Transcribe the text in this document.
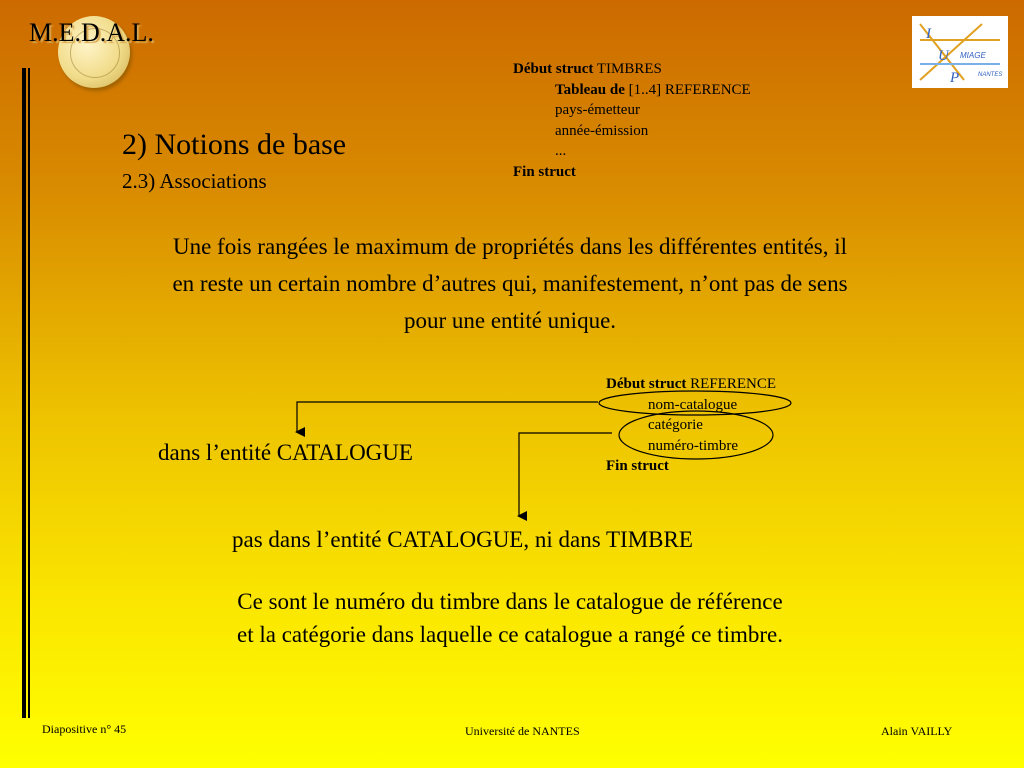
M.E.D.A.L.	I
U
P
MIAGE
NANTES
2) Notions de base
2.3) Associations
Début struct TIMBRES
Tableau de [1..4] REFERENCE
pays-émetteur
année-émission
...
Fin struct
Une fois rangées le maximum de propriétés dans les différentes entités, il en reste un certain nombre d’autres qui, manifestement, n’ont pas de sens pour une entité unique.
Début struct REFERENCE
nom-catalogue
catégorie
numéro-timbre
Fin struct
dans l’entité CATALOGUE
pas dans l’entité CATALOGUE, ni dans TIMBRE
Ce sont le numéro du timbre dans le catalogue de référence
et la catégorie dans laquelle ce catalogue a rangé ce timbre.
Diapositive n° 45	Université de NANTES	Alain VAILLY
